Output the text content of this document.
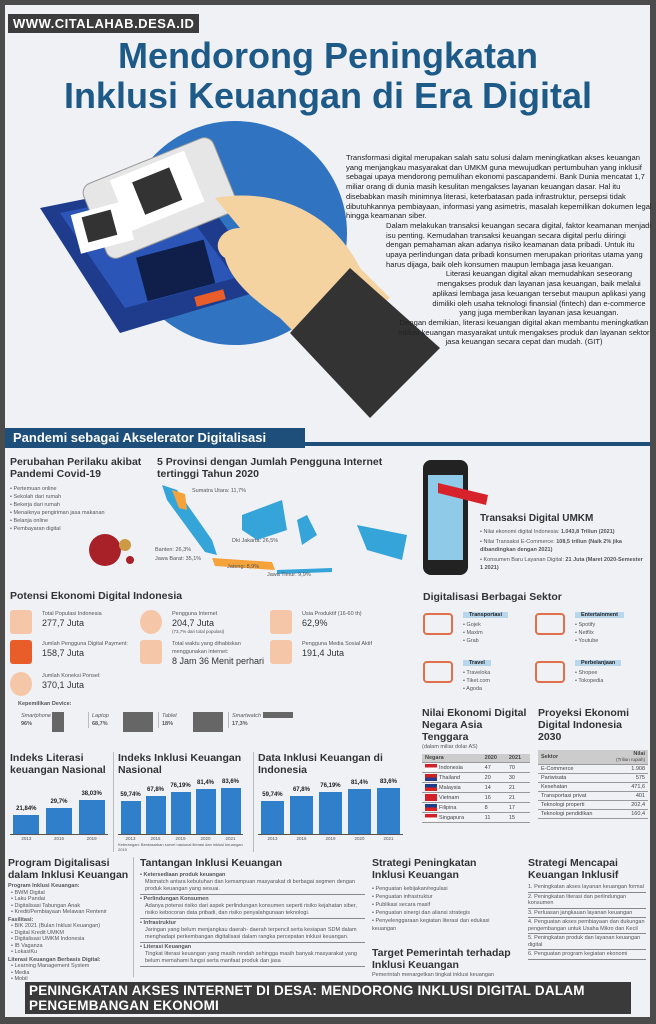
WWW.CITALAHAB.DESA.ID
Mendorong Peningkatan
Inklusi Keuangan di Era Digital

Transformasi digital merupakan salah satu solusi dalam meningkatkan akses keuangan yang menjangkau masyarakat dan UMKM guna mewujudkan pertumbuhan yang inklusif sebagai upaya mendorong pemulihan ekonomi pascapandemi. Bank Dunia mencatat 1,7 miliar orang di dunia masih kesulitan mengakses layanan keuangan dasar. Hal itu disebabkan masih minimnya literasi, keterbatasan pada infrastruktur, persepsi tidak dibutuhkannya pembiayaan, informasi yang asimetris, masalah kepemilikan dokumen legal hingga keamanan siber.

Dalam melakukan transaksi keuangan secara digital, faktor keamanan menjadi isu penting. Kemudahan transaksi keuangan secara digital perlu diiringi dengan pemahaman akan adanya risiko keamanan data pribadi. Untuk itu upaya perlindungan data pribadi konsumen merupakan prioritas utama yang harus dijaga, baik oleh konsumen maupun lembaga jasa keuangan.

Literasi keuangan digital akan memudahkan seseorang mengakses produk dan layanan jasa keuangan, baik melalui aplikasi lembaga jasa keuangan tersebut maupun aplikasi yang dimiliki oleh usaha teknologi finansial (fintech) dan e-commerce yang juga memberikan layanan jasa keuangan.

Dengan demikian, literasi keuangan digital akan membantu meningkatkan inklusi keuangan masyarakat untuk mengakses produk dan layanan sektor jasa keuangan secara cepat dan mudah. (GIT)

Pandemi sebagai Akselerator Digitalisasi
Perubahan Perilaku akibat Pandemi Covid-19
• Pertemuan online
• Sekolah dari rumah
• Bekerja dari rumah
• Menaiknya pengiriman jasa makanan
• Belanja online
• Pembayaran digital
5 Provinsi dengan Jumlah Pengguna Internet tertinggi Tahun 2020
Sumatra Utara: 11,7%
Dki Jakarta: 26,5%
Banten: 26,3%
Jawa Barat: 35,1%
Jateng: 8,9%
Jawa Timur: 9,9%
Transaksi Digital UMKM
• Nilai ekonomi digital Indonesia: 1.043,8 Triliun (2021)
• Nilai Transaksi E-Commerce: 108,5 triliun (Naik 2% jika dibandingkan dengan 2021)
• Konsumen Baru Layanan Digital: 21 Juta (Maret 2020-Semester 1 2021)
Potensi Ekonomi Digital Indonesia
Total Populasi Indonesia
277,7 Juta
Pengguna Internet
204,7 Juta
(73,7% dari total populasi)
Usia Produktif (16-60 th)
62,9%
Jumlah Pengguna Digital Payment:
158,7 Juta
Total waktu yang dihabiskan menggunakan internet:
8 Jam 36 Menit perhari
Pengguna Media Sosial Aktif
191,4 Juta
Jumlah Koneksi Ponsel:
370,1 Juta
Kepemilikan Device:
Smartphone
96%
Laptop
68,7%
Tablet
18%
Smartwatch
17,3%
Digitalisasi Berbagai Sektor
Transportasi
• Gojek
• Maxim
• Grab
Entertainment
• Spotify
• Netflix
• Youtube
Travel
• Traveloka
• Tiket.com
• Agoda
Perbelanjaan
• Shopee
• Tokopedia
Nilai Ekonomi Digital Negara Asia Tenggara
(dalam miliar dolar AS)
Negara	2020	2021
Indonesia	47	70
Thailand	20	30
Malaysia	14	21
Vietnam	16	21
Filipina	8	17
Singapura	11	15
Proyeksi Ekonomi Digital Indonesia 2030
Sektor	Nilai
(Triliun rupiah)
E-Commerce	1.908
Pariwisata	575
Kesehatan	471,6
Transportasi privat	401
Teknologi properti	202,4
Teknologi pendidikan	160,4
Indeks Literasi keuangan Nasional
21,84%
2013
29,7%
2016
38,03%
2019
Indeks Inklusi Keuangan Nasional
59,74%
2013
67,8%
2016
76,19%
2019
81,4%
2020
83,6%
2021
Keterangan: Berdasarkan survei nasional literasi dan inklusi keuangan 2019
Data Inklusi Keuangan di Indonesia
59,74%
2013
67,8%
2016
76,19%
2019
81,4%
2020
83,6%
2021
Program Digitalisasi dalam Inklusi Keuangan
Program Inklusi Keuangan:
• BWM Digital
• Laku Pandai
• Digitalisasi Tabungan Anak
• Kredit/Pembiayaan Melawan Rentenir
Fasilitasi:
• BIK 2021 (Bulan Inklusi Keuangan)
• Digital Kredit UMKM
• Digitalisasi UMKM Indonesia
• IB Vaganza
• LokasiKu
Literasi Keuangan Berbasis Digital:
• Learning Management System
• Media
• Mobil
Tantangan Inklusi Keuangan
• Ketersediaan produk keuangan
Mismatch antara kebutuhan dan kemampuan masyarakat di berbagai segmen dengan produk keuangan yang sesuai.
• Perlindungan Konsumen
Adanya potensi risiko dari aspek perlindungan konsumen seperti risiko kejahatan siber, risiko kebocoran data pribadi, dan risiko penyalahgunaan teknologi.
• Infrastruktur
Jaringan yang belum menjangkau daerah- daerah terpencil serta kesiapan SDM dalam menghadapi perkembangan digitalisasi dalam rangka percepatan inklusi keuangan.
• Literasi Keuangan
Tingkat literasi keuangan yang masih rendah sehingga masih banyak masyarakat yang belum memahami fungsi serta manfaat produk dan jasa
Strategi Peningkatan Inklusi Keuangan
• Penguatan kebijakan/regulasi
• Penguatan infrastruktur
• Publikasi secara masif
• Penguatan sinergi dan aliansi strategis
• Penyelenggaraan kegiatan literasi dan edukasi keuangan
Target Pemerintah terhadap Inklusi Keuangan
Pemerintah menargetkan tingkat inklusi keuangan
Strategi Mencapai Keuangan Inklusif
1. Peningkatan akses layanan keuangan formal
2. Peningkatan literasi dan perlindungan konsumen
3. Perluasan jangkauan layanan keuangan
4. Penguatan akses pembiayaan dan dukungan pengembangan untuk Usaha Mikro dan Kecil
5. Peningkatan produk dan layanan keuangan digital
6. Penguatan program kegiatan ekonomi
PENINGKATAN AKSES INTERNET DI DESA: MENDORONG INKLUSI DIGITAL DALAM PENGEMBANGAN EKONOMI
